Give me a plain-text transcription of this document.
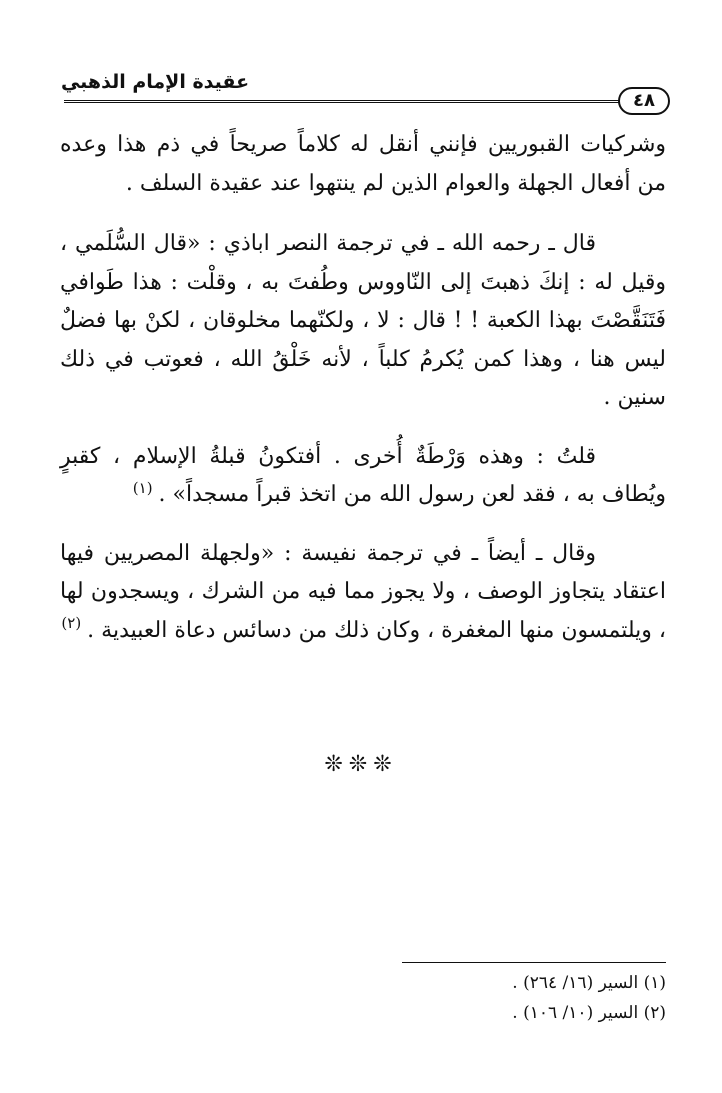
عقيدة الإمام الذهبي
٤٨

وشركيات القبوريين فإنني أنقل له كلاماً صريحاً في ذم هذا وعده من أفعال الجهلة والعوام الذين لم ينتهوا عند عقيدة السلف .

قال ـ رحمه الله ـ في ترجمة النصر اباذي : «قال السُّلَمي ، وقيل له : إنكَ ذهبتَ إلى النّاووس وطُفتَ به ، وقلْت : هذا طَوافي فَتَنَقَّصْتَ بهذا الكعبة ! ! قال : لا ، ولكنّهما مخلوقان ، لكنْ بها فضلٌ ليس هنا ، وهذا كمن يُكرمُ كلباً ، لأنه خَلْقُ الله ، فعوتب في ذلك سنين .

قلتُ : وهذه وَرْطَةٌ أُخرى . أفتكونُ قبلةُ الإسلام ، كقبرٍ ويُطاف به ، فقد لعن رسول الله من اتخذ قبراً مسجداً» .$^{(١)}$

وقال ـ أيضاً ـ في ترجمة نفيسة : «ولجهلة المصريين فيها اعتقاد يتجاوز الوصف ، ولا يجوز مما فيه من الشرك ، ويسجدون لها ، ويلتمسون منها المغفرة ، وكان ذلك من دسائس دعاة العبيدية .$^{(٢)}$

❊❊❊
(١) السير (١٦/ ٢٦٤) .
(٢) السير (١٠/ ١٠٦) .
